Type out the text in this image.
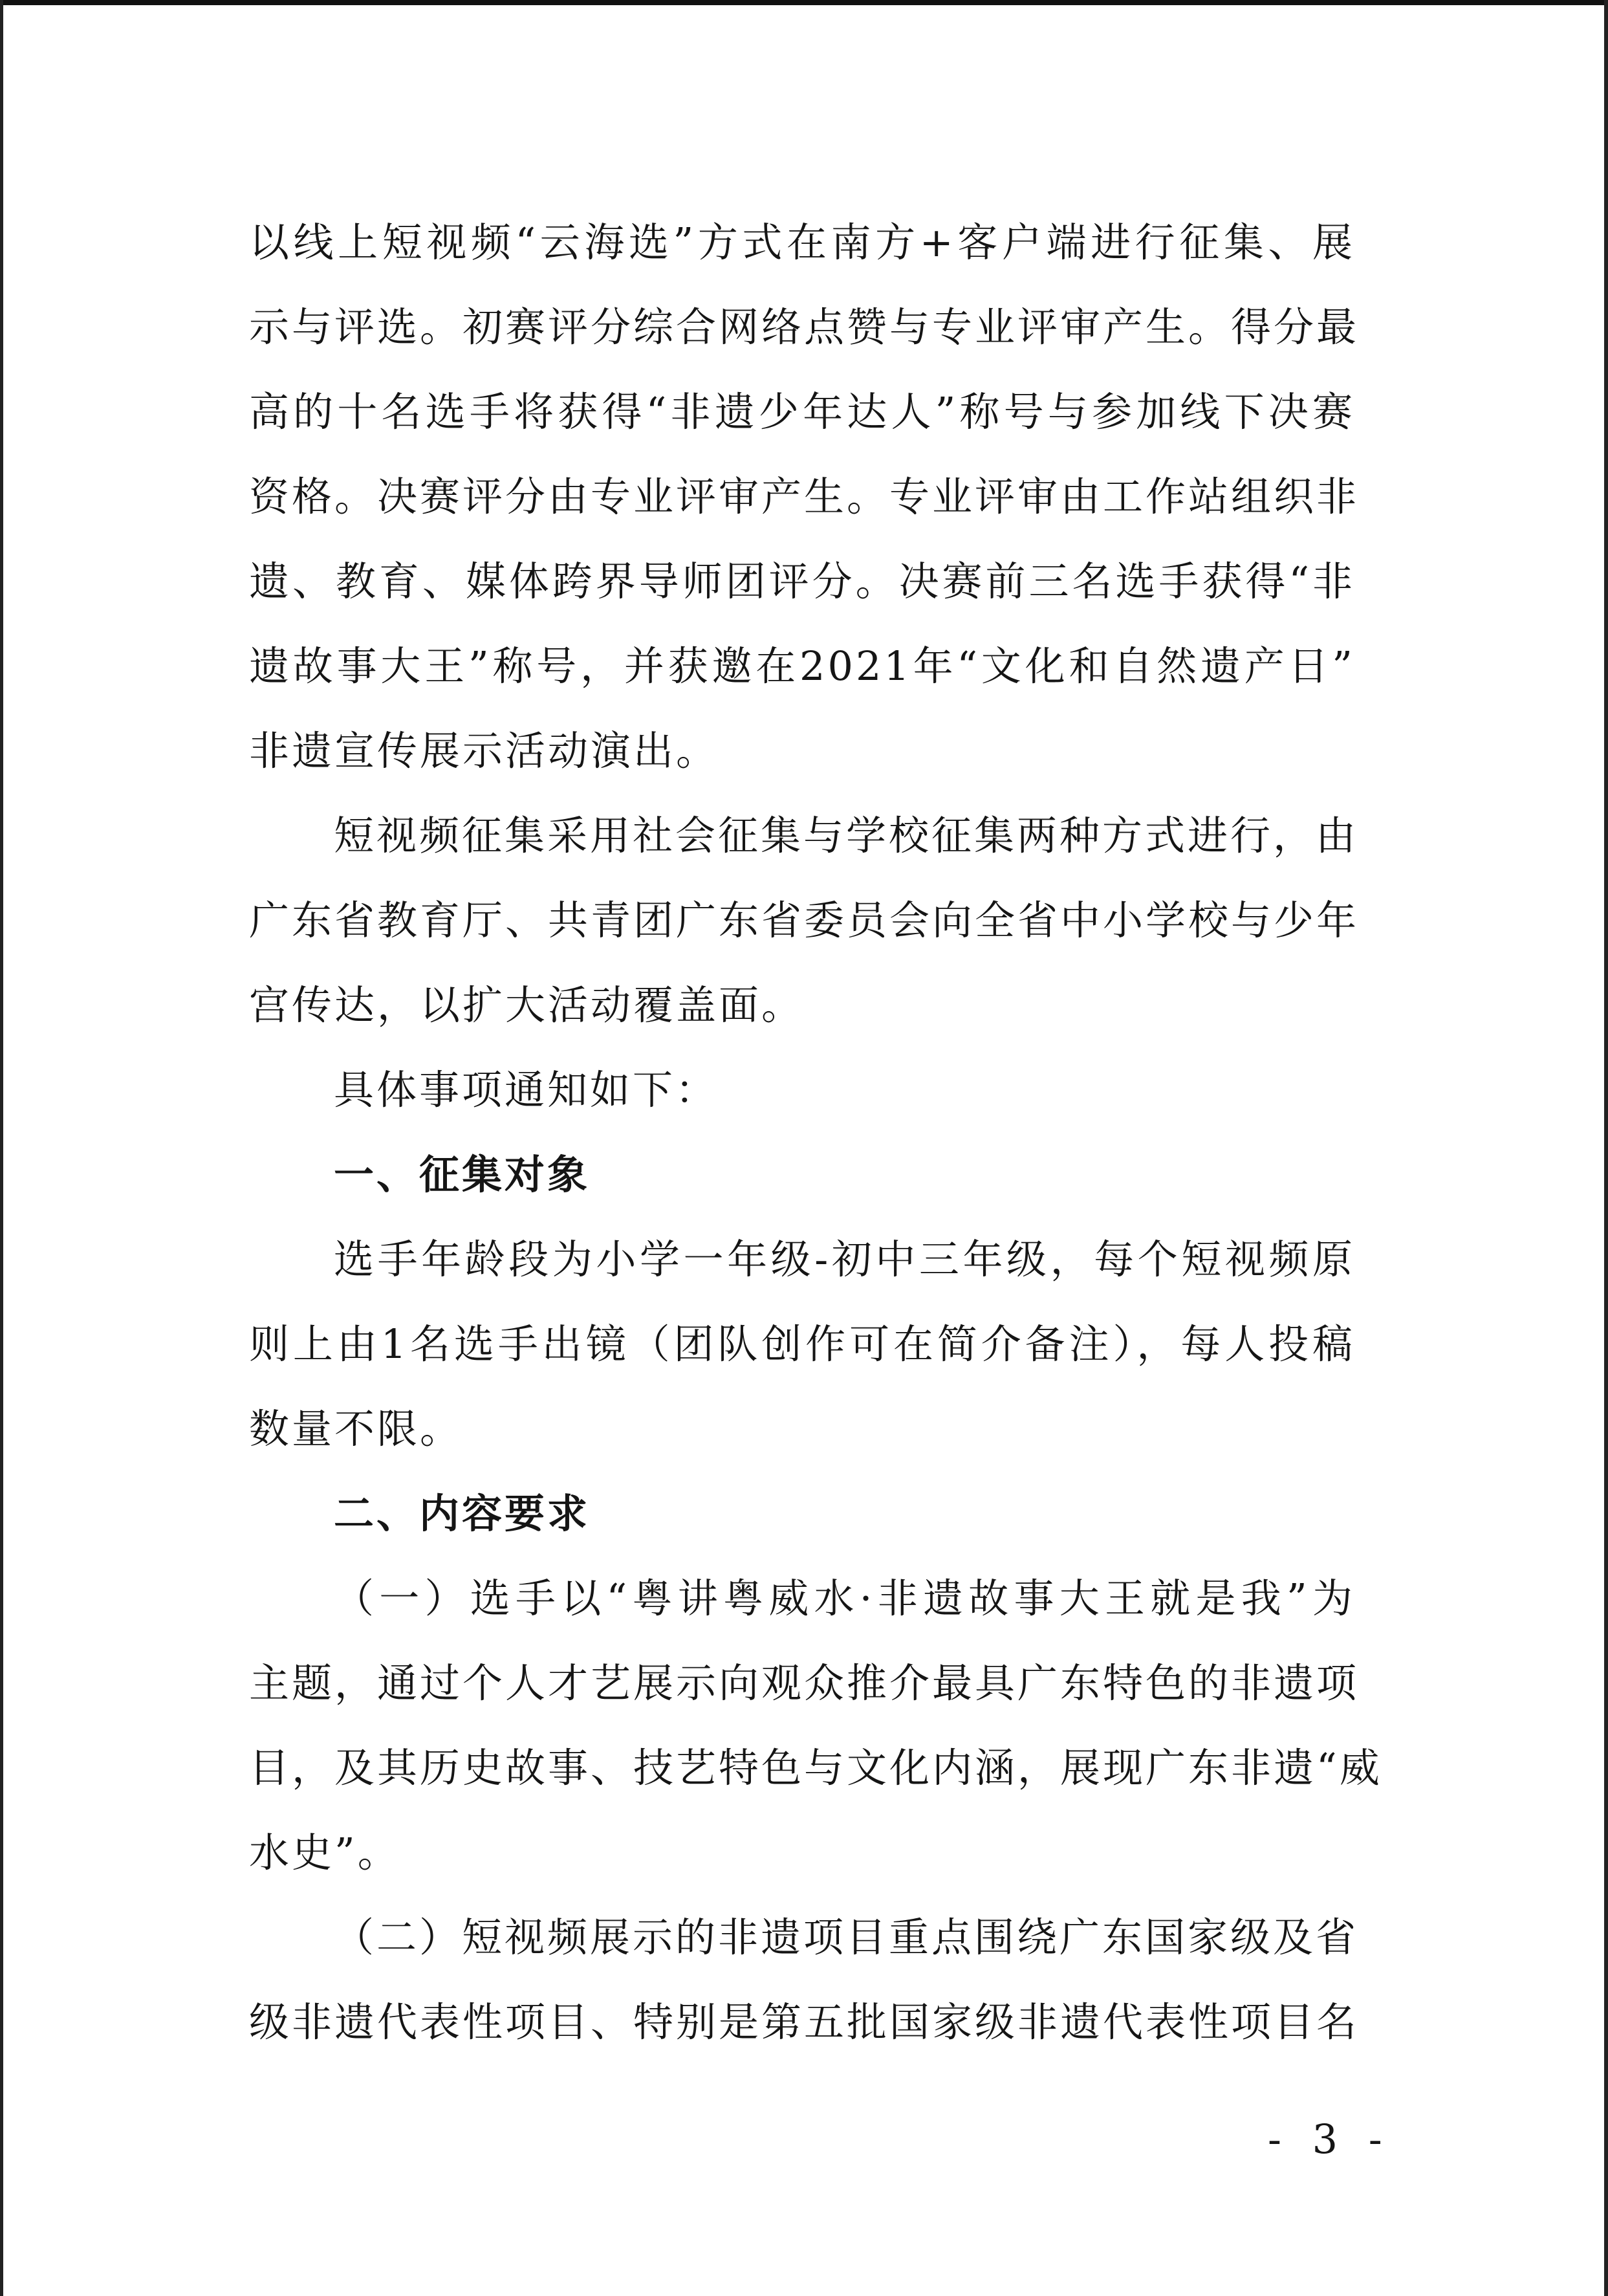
以线上短视频“云海选”方式在南方+客户端进行征集、展
示与评选。初赛评分综合网络点赞与专业评审产生。得分最
高的十名选手将获得“非遗少年达人”称号与参加线下决赛
资格。决赛评分由专业评审产生。专业评审由工作站组织非
遗、教育、媒体跨界导师团评分。决赛前三名选手获得“非
遗故事大王”称号，并获邀在2021年“文化和自然遗产日”
非遗宣传展示活动演出。
短视频征集采用社会征集与学校征集两种方式进行，由
广东省教育厅、共青团广东省委员会向全省中小学校与少年
宫传达，以扩大活动覆盖面。
具体事项通知如下：
一、征集对象
选手年龄段为小学一年级-初中三年级，每个短视频原
则上由1名选手出镜（团队创作可在简介备注），每人投稿
数量不限。
二、内容要求
（一）选手以“粤讲粤威水·非遗故事大王就是我”为
主题，通过个人才艺展示向观众推介最具广东特色的非遗项
目，及其历史故事、技艺特色与文化内涵，展现广东非遗“威
水史”。
（二）短视频展示的非遗项目重点围绕广东国家级及省
级非遗代表性项目、特别是第五批国家级非遗代表性项目名
- 3 -
